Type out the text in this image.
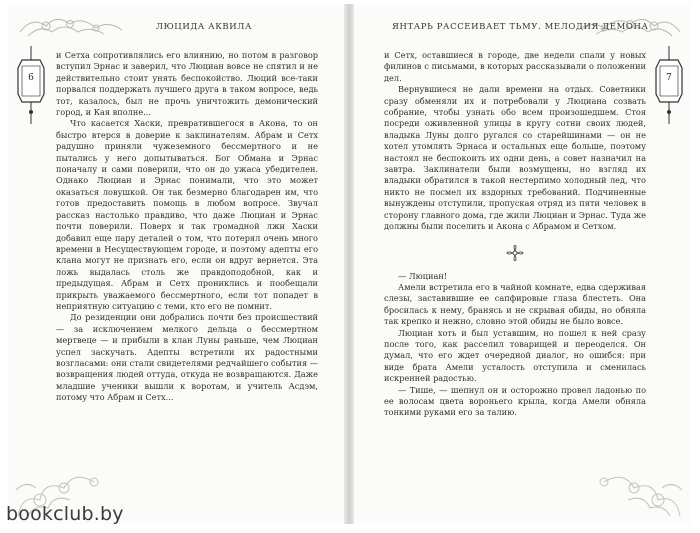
ЛЮЦИДА АКВИЛА
6

и Сетха сопротивлялись его влиянию, но потом в разговор вступил Эрнас и заверил, что Люциан вовсе не спятил и не действительно стоит унять беспокойство. Люций все-таки порвался поддержать лучшего друга в таком вопросе, ведь тот, казалось, был не прочь уничтожить демонический город, и Кая вполне...

Что касается Хаски, превратившегося в Акона, то он быстро втерся в доверие к заклинателям. Абрам и Сетх радушно приняли чужеземного бессмертного и не пытались у него допытываться. Бог Обмана и Эрнас поначалу и сами поверили, что он до ужаса убедителен. Однако Люциан и Эрнас понимали, что это может оказаться ловушкой. Он так безмерно благодарен им, что готов предоставить помощь в любом вопросе. Звучал рассказ настолько правдиво, что даже Люциан и Эрнас почти поверили. Поверх и так громадной лжи Хаски добавил еще пару деталей о том, что потерял очень много времени в Несуществующем городе, и поэтому адепты его клана могут не признать его, если он вдруг вернется. Эта ложь выдалась столь же правдоподобной, как и предыдущая. Абрам и Сетх прониклись и пообещали прикрыть уважаемого бессмертного, если тот попадет в неприятную ситуацию с теми, кто его не помнит.

До резиденции они добрались почти без происшествий — за исключением мелкого дельца о бессмертном мертвеце — и прибыли в клан Луны раньше, чем Люциан успел заскучать. Адепты встретили их радостными возгласами: они стали свидетелями редчайшего события — возвращения людей оттуда, откуда не возвращаются. Даже младшие ученики вышли к воротам, и учитель Асдэм, потому что Абрам и Сетх...

ЯНТАРЬ РАССЕИВАЕТ ТЬМУ. МЕЛОДИЯ ДЕМОНА
7

и Сетх, оставшиеся в городе, две недели спали у новых филинов с письмами, в которых рассказывали о положении дел.

Вернувшиеся не дали времени на отдых. Советники сразу обменяли их и потребовали у Люциана созвать собрание, чтобы узнать обо всем произошедшем. Стоя посреди оживленной улицы в кругу сотни своих людей, владыка Луны долго ругался со старейшинами — он не хотел утомлять Эрнаса и остальных еще больше, поэтому настоял не беспокоить их одни день, а совет назначил на завтра. Заклинатели были возмущены, но взгляд их владыки обратился в такой нестерпимо холодный лед, что никто не посмел их вздорных требований. Подчиненные вынуждены отступили, пропуская отряд из пяти человек в сторону главного дома, где жили Люциан и Эрнас. Туда же должны были поселить и Акона с Абрамом и Сетхом.

— Люциан!

Амели встретила его в чайной комнате, едва сдерживая слезы, заставившие ее сапфировые глаза блестеть. Она бросилась к нему, бранясь и не скрывая обиды, но обняла так крепко и нежно, словно этой обиды не было вовсе.

Люциан хоть и был уставшим, но пошел к ней сразу после того, как расселил товарищей и переоделся. Он думал, что его ждет очередной диалог, но ошибся: при виде брата Амели усталость отступила и сменилась искренней радостью.

— Тише, — шепнул он и осторожно провел ладонью по ее волосам цвета вороньего крыла, когда Амели обняла тонкими руками его за талию.

bookclub.by
